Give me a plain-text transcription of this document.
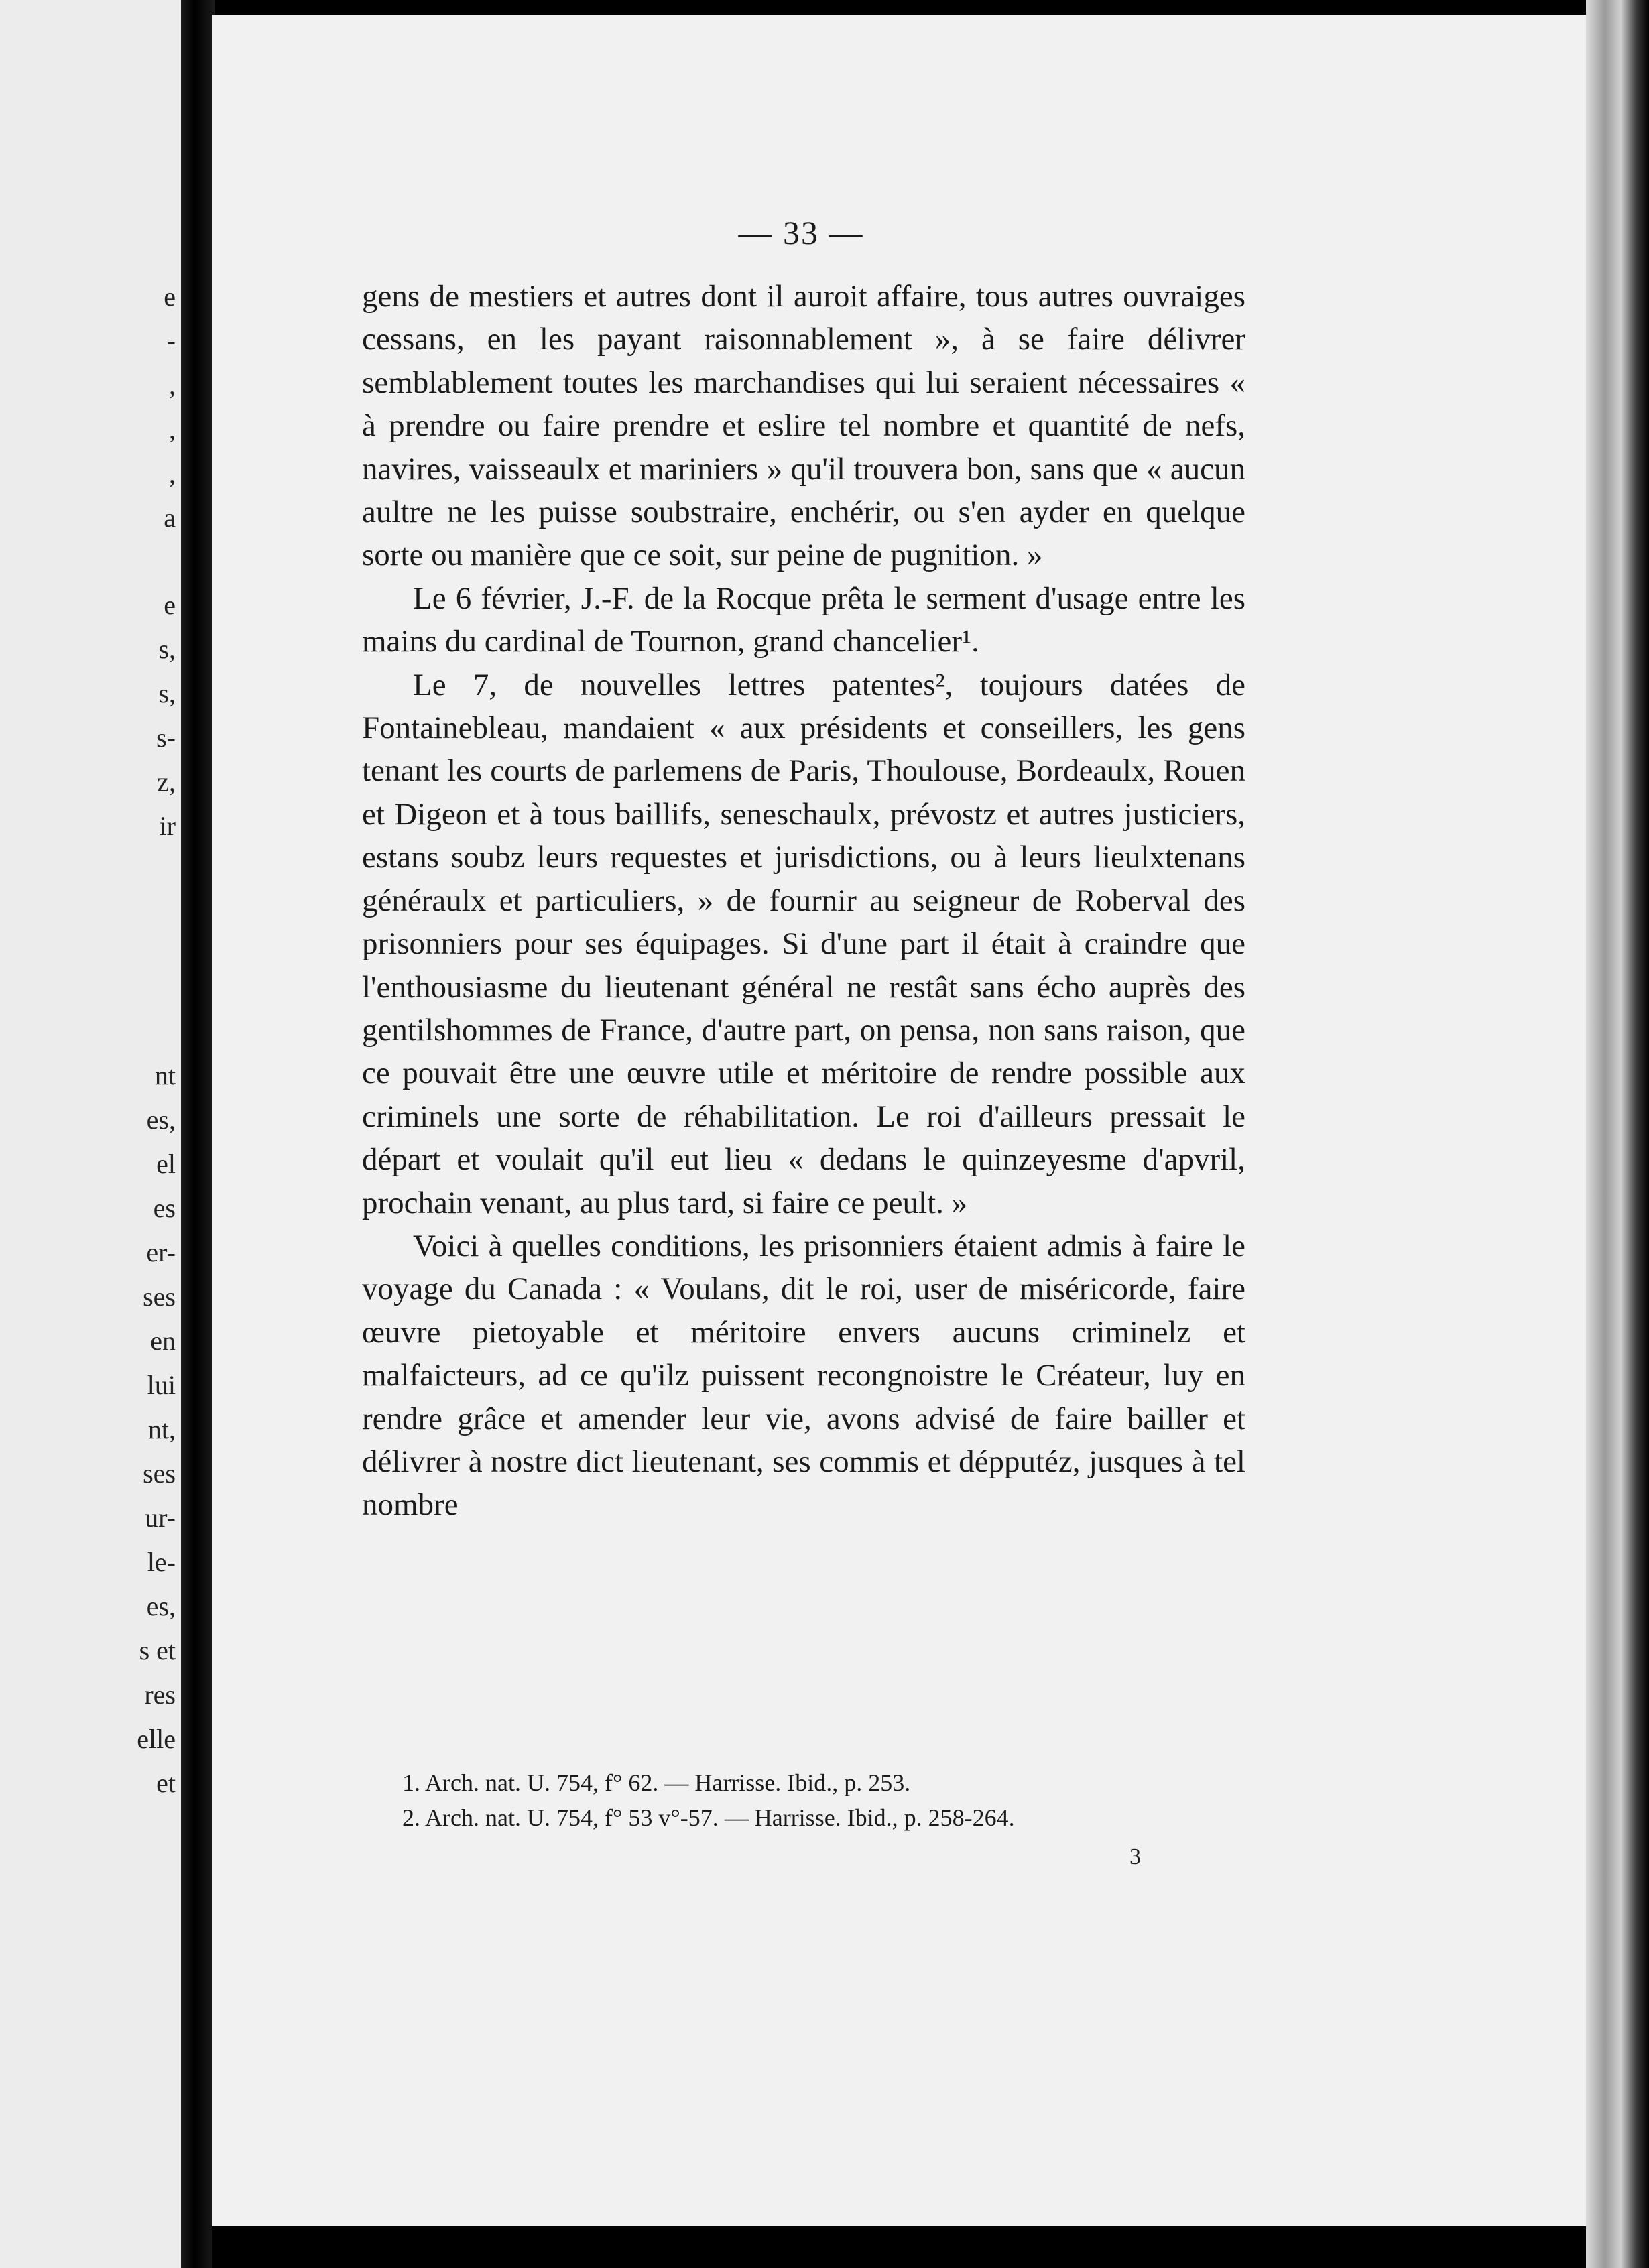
e
-
,
,
,
a
e
s,
s,
s-
z,
ir
nt
es,
el
es
er-
ses
en
lui
nt,
ses
ur-
le-
es,
s et
res
elle
et
— 33 —

gens de mestiers et autres dont il auroit affaire, tous autres ouvraiges cessans, en les payant raisonnablement », à se faire délivrer semblablement toutes les marchandises qui lui seraient nécessaires « à prendre ou faire prendre et eslire tel nombre et quantité de nefs, navires, vaisseaulx et mariniers » qu'il trouvera bon, sans que « aucun aultre ne les puisse soubstraire, enchérir, ou s'en ayder en quelque sorte ou manière que ce soit, sur peine de pugnition. »

Le 6 février, J.-F. de la Rocque prêta le serment d'usage entre les mains du cardinal de Tournon, grand chancelier¹.

Le 7, de nouvelles lettres patentes², toujours datées de Fontainebleau, mandaient « aux présidents et conseillers, les gens tenant les courts de parlemens de Paris, Thoulouse, Bordeaulx, Rouen et Digeon et à tous baillifs, seneschaulx, prévostz et autres justiciers, estans soubz leurs requestes et jurisdictions, ou à leurs lieulxtenans généraulx et particuliers, » de fournir au seigneur de Roberval des prisonniers pour ses équipages. Si d'une part il était à craindre que l'enthousiasme du lieutenant général ne restât sans écho auprès des gentilshommes de France, d'autre part, on pensa, non sans raison, que ce pouvait être une œuvre utile et méritoire de rendre possible aux criminels une sorte de réhabilitation. Le roi d'ailleurs pressait le départ et voulait qu'il eut lieu « dedans le quinzeyesme d'apvril, prochain venant, au plus tard, si faire ce peult. »

Voici à quelles conditions, les prisonniers étaient admis à faire le voyage du Canada : « Voulans, dit le roi, user de miséricorde, faire œuvre pietoyable et méritoire envers aucuns criminelz et malfaicteurs, ad ce qu'ilz puissent recongnoistre le Créateur, luy en rendre grâce et amender leur vie, avons advisé de faire bailler et délivrer à nostre dict lieutenant, ses commis et dépputéz, jusques à tel nombre

1. Arch. nat. U. 754, f° 62. — Harrisse. Ibid., p. 253.
2. Arch. nat. U. 754, f° 53 v°-57. — Harrisse. Ibid., p. 258-264.
3
